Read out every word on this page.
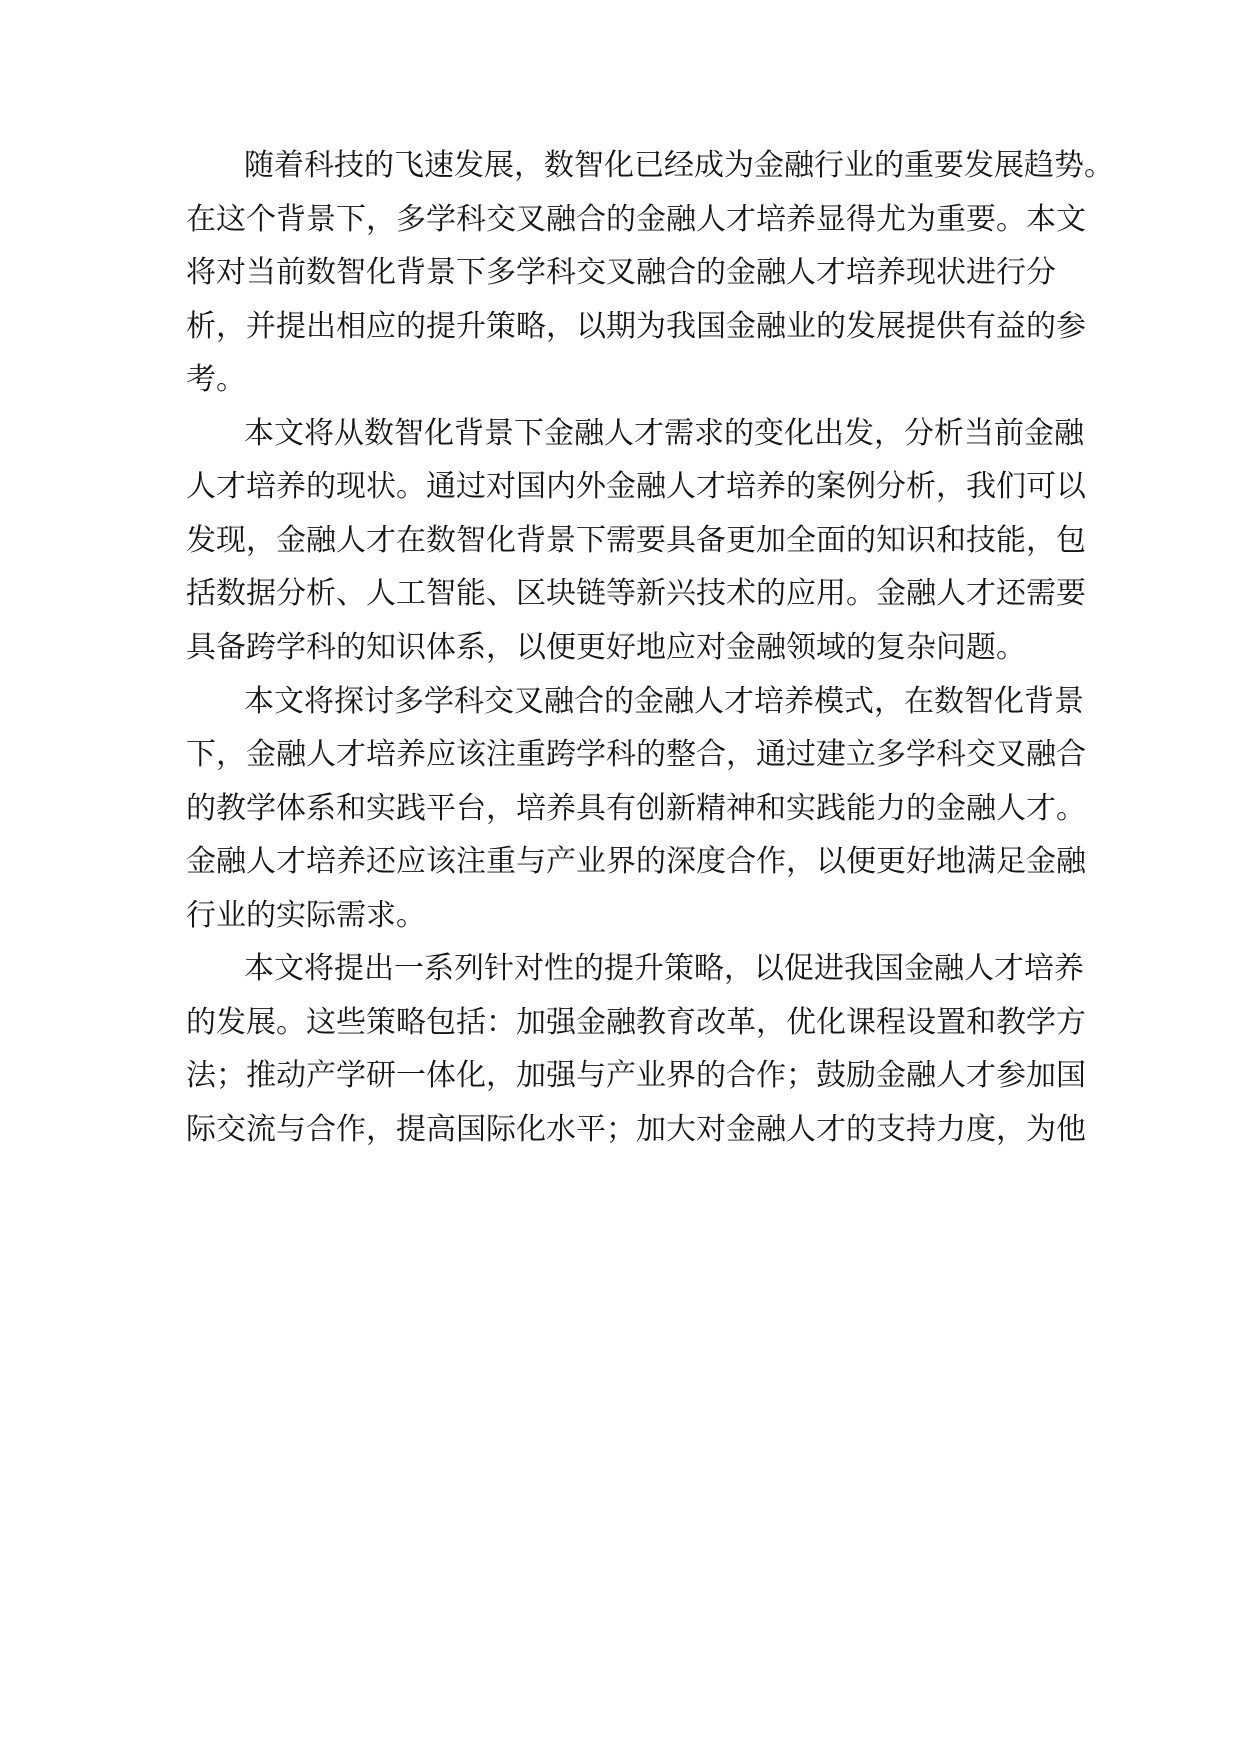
随着科技的飞速发展，数智化已经成为金融行业的重要发展趋势。

在这个背景下，多学科交叉融合的金融人才培养显得尤为重要。本文

将对当前数智化背景下多学科交叉融合的金融人才培养现状进行分

析，并提出相应的提升策略，以期为我国金融业的发展提供有益的参

考。

本文将从数智化背景下金融人才需求的变化出发，分析当前金融

人才培养的现状。通过对国内外金融人才培养的案例分析，我们可以

发现，金融人才在数智化背景下需要具备更加全面的知识和技能，包

括数据分析、人工智能、区块链等新兴技术的应用。金融人才还需要

具备跨学科的知识体系，以便更好地应对金融领域的复杂问题。

本文将探讨多学科交叉融合的金融人才培养模式，在数智化背景

下，金融人才培养应该注重跨学科的整合，通过建立多学科交叉融合

的教学体系和实践平台，培养具有创新精神和实践能力的金融人才。

金融人才培养还应该注重与产业界的深度合作，以便更好地满足金融

行业的实际需求。

本文将提出一系列针对性的提升策略，以促进我国金融人才培养

的发展。这些策略包括：加强金融教育改革，优化课程设置和教学方

法；推动产学研一体化，加强与产业界的合作；鼓励金融人才参加国

际交流与合作，提高国际化水平；加大对金融人才的支持力度，为他
